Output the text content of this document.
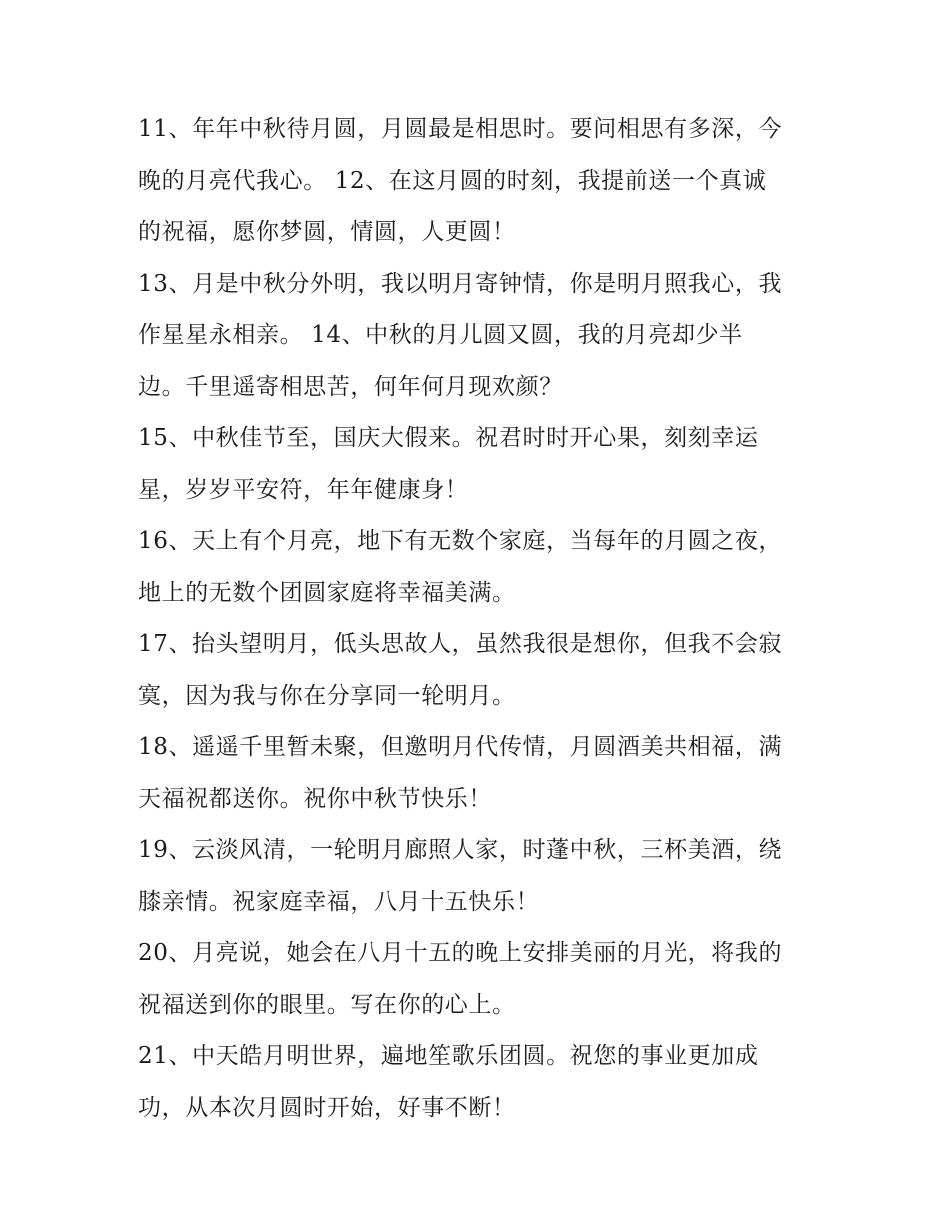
11、年年中秋待月圆，月圆最是相思时。要问相思有多深，今
晚的月亮代我心。 12、在这月圆的时刻，我提前送一个真诚
的祝福，愿你梦圆，情圆，人更圆！
13、月是中秋分外明，我以明月寄钟情，你是明月照我心，我
作星星永相亲。 14、中秋的月儿圆又圆，我的月亮却少半
边。千里遥寄相思苦，何年何月现欢颜？
15、中秋佳节至，国庆大假来。祝君时时开心果，刻刻幸运
星，岁岁平安符，年年健康身！
16、天上有个月亮，地下有无数个家庭，当每年的月圆之夜，
地上的无数个团圆家庭将幸福美满。
17、抬头望明月，低头思故人，虽然我很是想你，但我不会寂
寞，因为我与你在分享同一轮明月。
18、遥遥千里暂未聚，但邀明月代传情，月圆酒美共相福，满
天福祝都送你。祝你中秋节快乐！
19、云淡风清，一轮明月廊照人家，时蓬中秋，三杯美酒，绕
膝亲情。祝家庭幸福，八月十五快乐！
20、月亮说，她会在八月十五的晚上安排美丽的月光，将我的
祝福送到你的眼里。写在你的心上。
21、中天皓月明世界，遍地笙歌乐团圆。祝您的事业更加成
功，从本次月圆时开始，好事不断！
